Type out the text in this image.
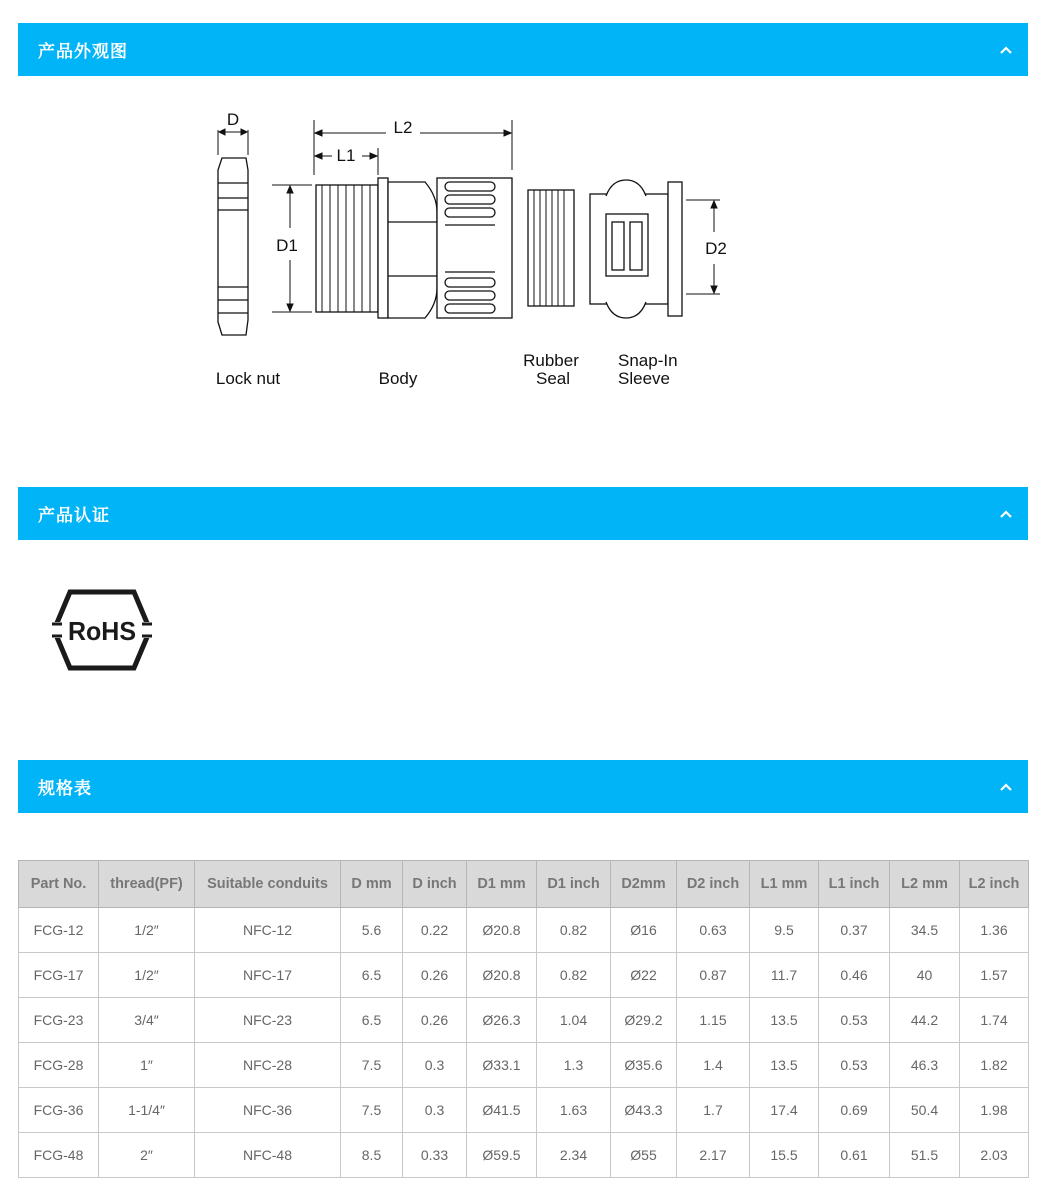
产品外观图
D	L2
L1
D1	D2
Lock nut	Body
Rubber
Seal
Snap-In
Sleeve
产品认证
RoHS
规格表
Part No.	thread(PF)	Suitable conduits	D mm	D inch	D1 mm	D1 inch	D2mm	D2 inch	L1 mm	L1 inch	L2 mm	L2 inch
FCG-12	1/2″	NFC-12	5.6	0.22	Ø20.8	0.82	Ø16	0.63	9.5	0.37	34.5	1.36
FCG-17	1/2″	NFC-17	6.5	0.26	Ø20.8	0.82	Ø22	0.87	11.7	0.46	40	1.57
FCG-23	3/4″	NFC-23	6.5	0.26	Ø26.3	1.04	Ø29.2	1.15	13.5	0.53	44.2	1.74
FCG-28	1″	NFC-28	7.5	0.3	Ø33.1	1.3	Ø35.6	1.4	13.5	0.53	46.3	1.82
FCG-36	1-1/4″	NFC-36	7.5	0.3	Ø41.5	1.63	Ø43.3	1.7	17.4	0.69	50.4	1.98
FCG-48	2″	NFC-48	8.5	0.33	Ø59.5	2.34	Ø55	2.17	15.5	0.61	51.5	2.03
